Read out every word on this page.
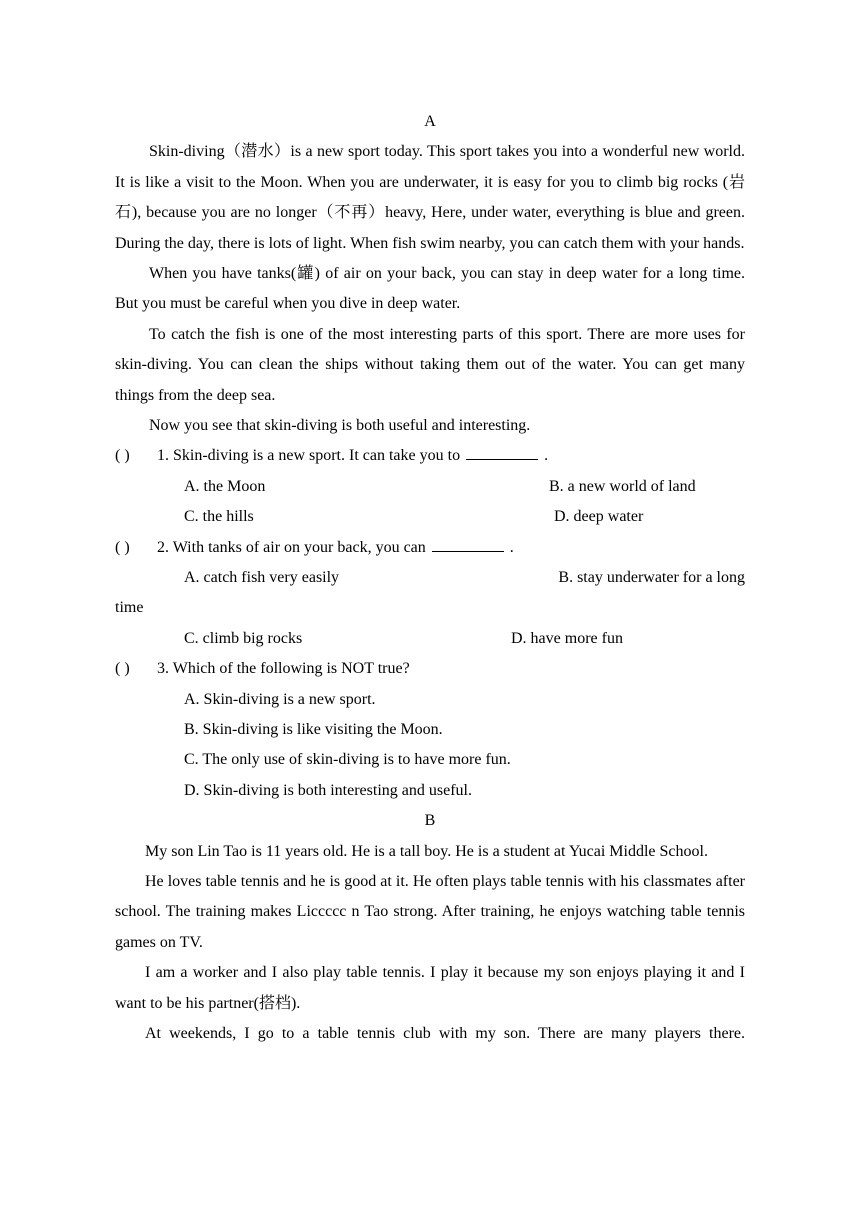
A

Skin-diving（潜水）is a new sport today. This sport takes you into a wonderful new world. It is like a visit to the Moon. When you are underwater, it is easy for you to climb big rocks (岩石), because you are no longer（不再）heavy, Here, under water, everything is blue and green. During the day, there is lots of light. When fish swim nearby, you can catch them with your hands.

When you have tanks(罐) of air on your back, you can stay in deep water for a long time. But you must be careful when you dive in deep water.

To catch the fish is one of the most interesting parts of this sport. There are more uses for skin-diving. You can clean the ships without taking them out of the water. You can get many things from the deep sea.

Now you see that skin-diving is both useful and interesting.

( ) 1. Skin-diving is a new sport. It can take you to	.
A. the Moon	B. a new world of land
C. the hills	D. deep water
( ) 2. With tanks of air on your back, you can	.
A. catch fish very easily	B. stay underwater for a long
time
C. climb big rocks	D. have more fun
( ) 3. Which of the following is NOT true?
A. Skin-diving is a new sport.
B. Skin-diving is like visiting the Moon.
C. The only use of skin-diving is to have more fun.
D. Skin-diving is both interesting and useful.
B

My son Lin Tao is 11 years old. He is a tall boy. He is a student at Yucai Middle School.

He loves table tennis and he is good at it. He often plays table tennis with his classmates after school. The training makes Liccccc n Tao strong. After training, he enjoys watching table tennis games on TV.

I am a worker and I also play table tennis. I play it because my son enjoys playing it and I want to be his partner(搭档).

At weekends, I go to a table tennis club with my son. There are many players there.
